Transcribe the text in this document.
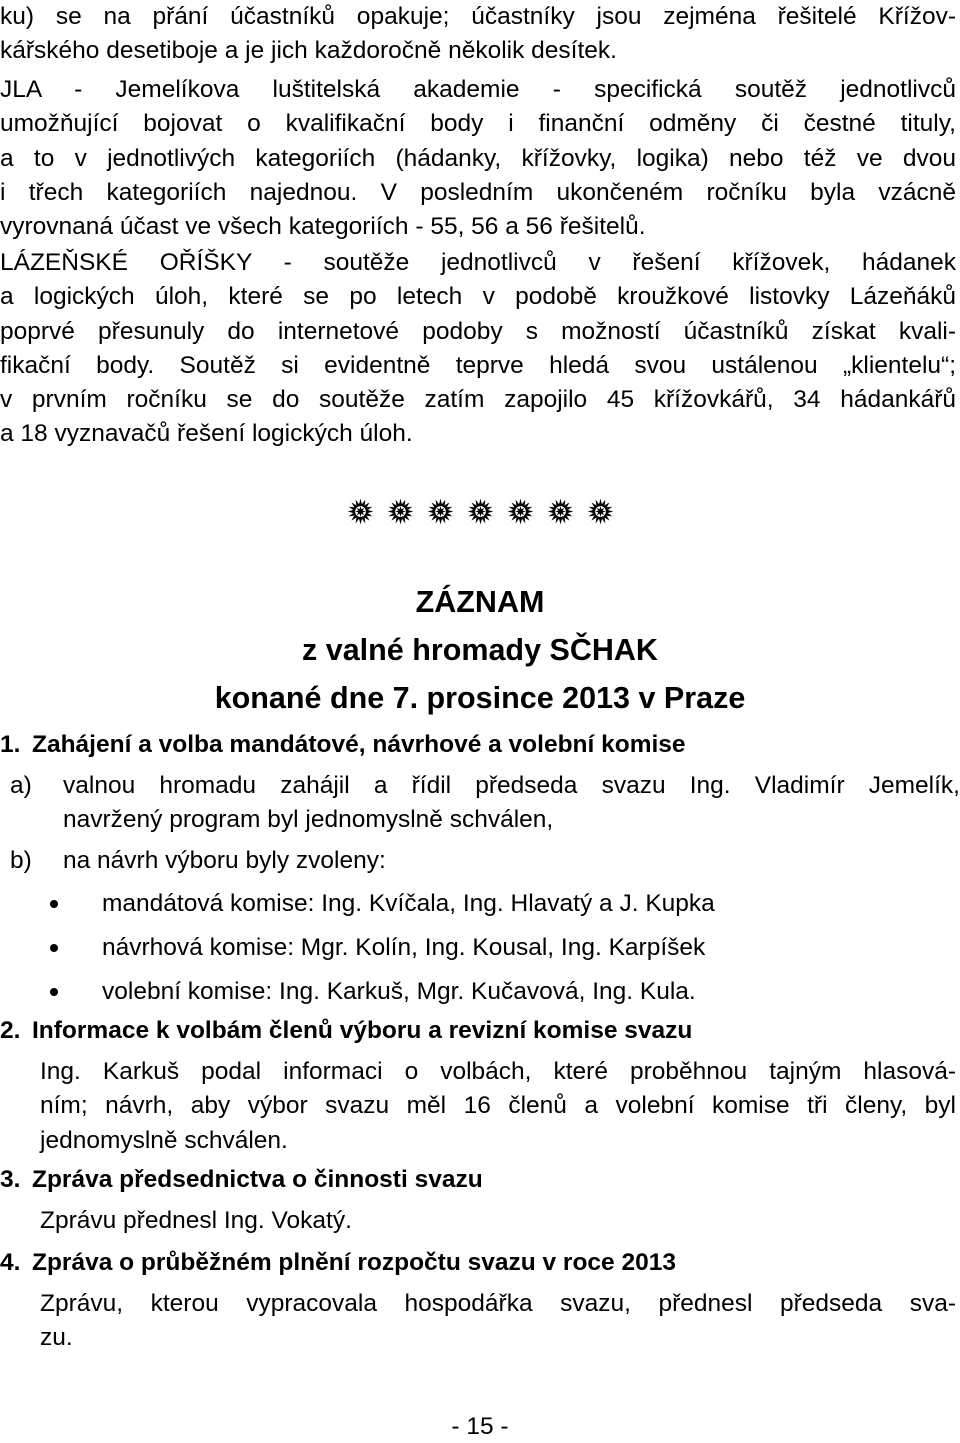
ku) se na přání účastníků opakuje; účastníky jsou zejména řešitelé Křížov-
kářského desetiboje a je jich každoročně několik desítek.
JLA - Jemelíkova luštitelská akademie - specifická soutěž jednotlivců
umožňující bojovat o kvalifikační body i finanční odměny či čestné tituly,
a to v jednotlivých kategoriích (hádanky, křížovky, logika) nebo též ve dvou
i třech kategoriích najednou. V posledním ukončeném ročníku byla vzácně
vyrovnaná účast ve všech kategoriích - 55, 56 a 56 řešitelů.
LÁZEŇSKÉ OŘÍŠKY - soutěže jednotlivců v řešení křížovek, hádanek
a logických úloh, které se po letech v podobě kroužkové listovky Lázeňáků
poprvé přesunuly do internetové podoby s možností účastníků získat kvali-
fikační body. Soutěž si evidentně teprve hledá svou ustálenou „klientelu“;
v prvním ročníku se do soutěže zatím zapojilo 45 křížovkářů, 34 hádankářů
a 18 vyznavačů řešení logických úloh.
ZÁZNAM
z valné hromady SČHAK
konané dne 7. prosince 2013 v Praze
1. Zahájení a volba mandátové, návrhové a volební komise
a) valnou hromadu zahájil a řídil předseda svazu Ing. Vladimír Jemelík,
navržený program byl jednomyslně schválen,
b) na návrh výboru byly zvoleny:
mandátová komise: Ing. Kvíčala, Ing. Hlavatý a J. Kupka
návrhová komise: Mgr. Kolín, Ing. Kousal, Ing. Karpíšek
volební komise: Ing. Karkuš, Mgr. Kučavová, Ing. Kula.
2. Informace k volbám členů výboru a revizní komise svazu
Ing. Karkuš podal informaci o volbách, které proběhnou tajným hlasová-
ním; návrh, aby výbor svazu měl 16 členů a volební komise tři členy, byl
jednomyslně schválen.
3. Zpráva předsednictva o činnosti svazu
Zprávu přednesl Ing. Vokatý.
4. Zpráva o průběžném plnění rozpočtu svazu v roce 2013
Zprávu, kterou vypracovala hospodářka svazu, přednesl předseda sva-
zu.
- 15 -
